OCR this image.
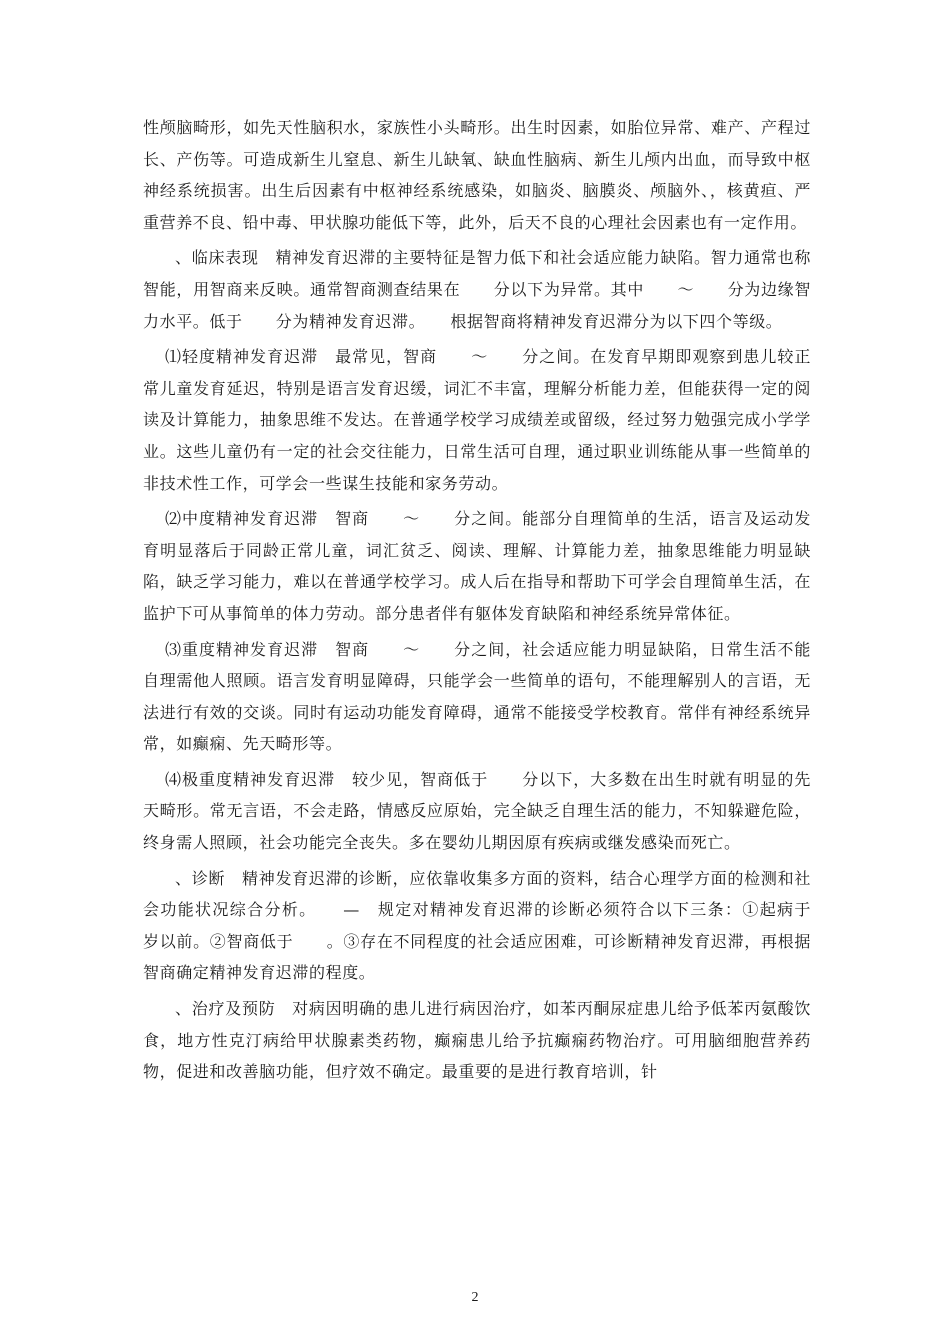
性颅脑畸形，如先天性脑积水，家族性小头畸形。出生时因素，如胎位异常、难产、产程过长、产伤等。可造成新生儿窒息、新生儿缺氧、缺血性脑病、新生儿颅内出血，而导致中枢神经系统损害。出生后因素有中枢神经系统感染，如脑炎、脑膜炎、颅脑外、，核黄疸、严重营养不良、铅中毒、甲状腺功能低下等，此外，后天不良的心理社会因素也有一定作用。

、临床表现　精神发育迟滞的主要特征是智力低下和社会适应能力缺陷。智力通常也称智能，用智商来反映。通常智商测查结果在　　分以下为异常。其中　　～　　分为边缘智力水平。低于　　分为精神发育迟滞。　　根据智商将精神发育迟滞分为以下四个等级。

⑴轻度精神发育迟滞　最常见，智商　　～　　分之间。在发育早期即观察到患儿较正常儿童发育延迟，特别是语言发育迟缓，词汇不丰富，理解分析能力差，但能获得一定的阅读及计算能力，抽象思维不发达。在普通学校学习成绩差或留级，经过努力勉强完成小学学业。这些儿童仍有一定的社会交往能力，日常生活可自理，通过职业训练能从事一些简单的非技术性工作，可学会一些谋生技能和家务劳动。

⑵中度精神发育迟滞　智商　　～　　分之间。能部分自理简单的生活，语言及运动发育明显落后于同龄正常儿童，词汇贫乏、阅读、理解、计算能力差，抽象思维能力明显缺陷，缺乏学习能力，难以在普通学校学习。成人后在指导和帮助下可学会自理简单生活，在监护下可从事简单的体力劳动。部分患者伴有躯体发育缺陷和神经系统异常体征。

⑶重度精神发育迟滞　智商　　～　　分之间，社会适应能力明显缺陷，日常生活不能自理需他人照顾。语言发育明显障碍，只能学会一些简单的语句，不能理解别人的言语，无法进行有效的交谈。同时有运动功能发育障碍，通常不能接受学校教育。常伴有神经系统异常，如癫痫、先天畸形等。

⑷极重度精神发育迟滞　较少见，智商低于　　分以下，大多数在出生时就有明显的先天畸形。常无言语，不会走路，情感反应原始，完全缺乏自理生活的能力，不知躲避危险，终身需人照顾，社会功能完全丧失。多在婴幼儿期因原有疾病或继发感染而死亡。

、诊断　精神发育迟滞的诊断，应依靠收集多方面的资料，结合心理学方面的检测和社会功能状况综合分析。　　—　规定对精神发育迟滞的诊断必须符合以下三条：①起病于　　岁以前。②智商低于　　。③存在不同程度的社会适应困难，可诊断精神发育迟滞，再根据智商确定精神发育迟滞的程度。

、治疗及预防　对病因明确的患儿进行病因治疗，如苯丙酮尿症患儿给予低苯丙氨酸饮食，地方性克汀病给甲状腺素类药物，癫痫患儿给予抗癫痫药物治疗。可用脑细胞营养药物，促进和改善脑功能，但疗效不确定。最重要的是进行教育培训，针

2
